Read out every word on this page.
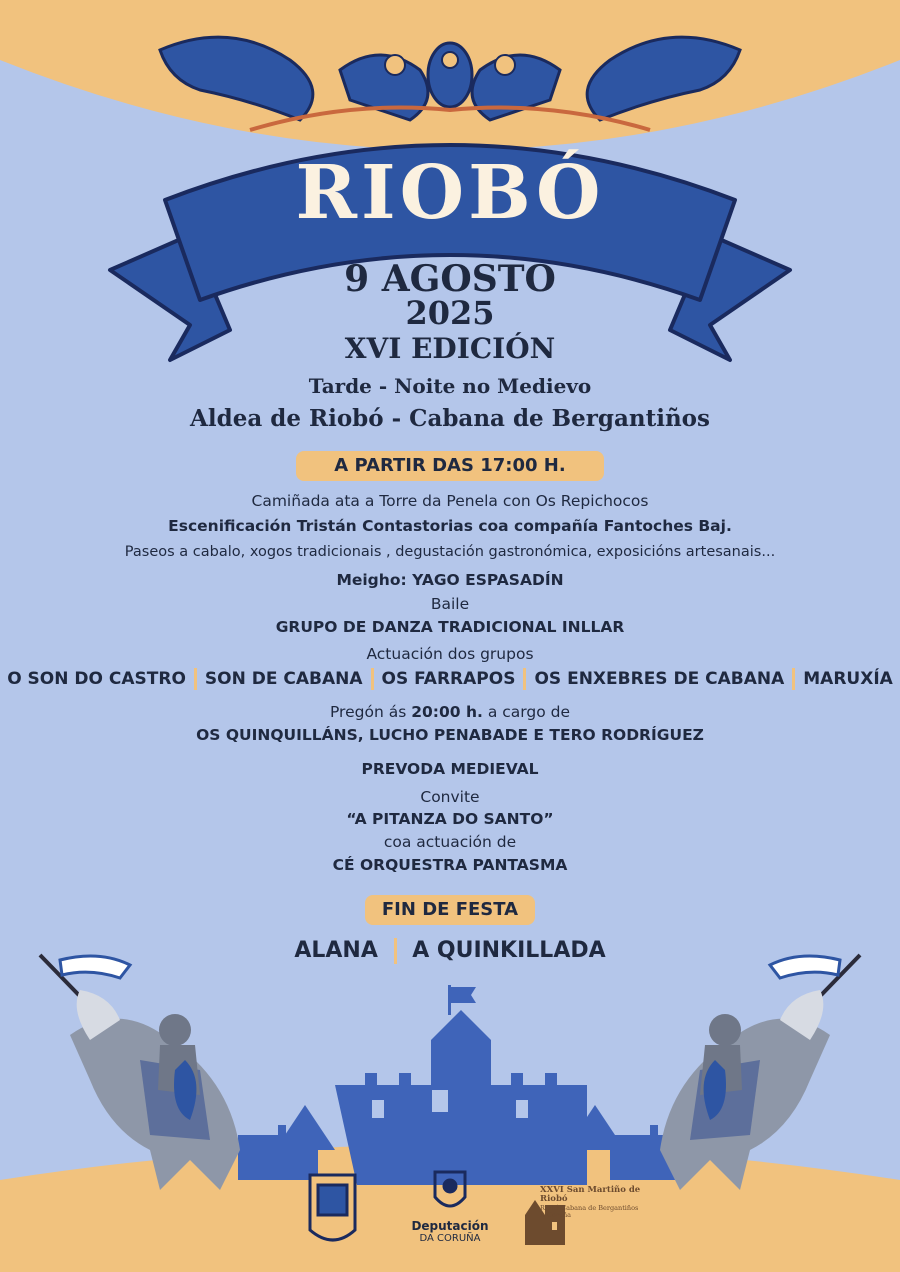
RIOBÓ
9 AGOSTO
2025
XVI EDICIÓN
Tarde - Noite no Medievo
Aldea de Riobó - Cabana de Bergantiños
A PARTIR DAS 17:00 H.
Camiñada ata a Torre da Penela con Os Repichocos
Escenificación Tristán Contastorias coa compañía Fantoches Baj.
Paseos a cabalo, xogos tradicionais , degustación gastronómica, exposicións artesanais...
Meigho: YAGO ESPASADÍN
Baile
GRUPO DE DANZA TRADICIONAL INLLAR
Actuación dos grupos
O SON DO CASTRO SON DE CABANA OS FARRAPOS OS ENXEBRES DE CABANA MARUXÍA
Pregón ás 20:00 h. a cargo de
OS QUINQUILLÁNS, LUCHO PENABADE E TERO RODRÍGUEZ
PREVODA MEDIEVAL
Convite
“A PITANZA DO SANTO”
coa actuación de
CÉ ORQUESTRA PANTASMA
FIN DE FESTA
ALANA A QUINKILLADA
Deputación
DA CORUÑA
XXVI San Martiño de Riobó
Riobó-Cabana de Bergantiños
A Coruña
